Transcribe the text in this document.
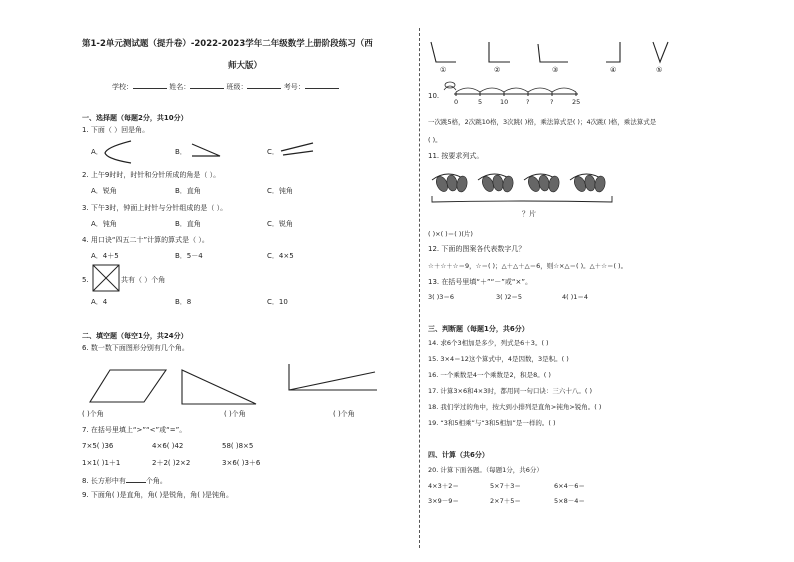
第1-2单元测试题（提升卷）-2022-2023学年二年级数学上册阶段练习（西
师大版）
学校：	姓名：	班级：	考号：
一、选择题（每题2分，共10分）
1. 下面（ ）回是角。
A．	B．	C．
2. 上午9时时，时针和分针所成的角是（ ）。
A．锐角	B．直角	C．钝角
3. 下午3时，钟面上时针与分针组成的是（ ）。
A．钝角	B．直角	C．锐角
4. 用口诀“四五二十”计算的算式是（ ）。
A．4＋5	B．5－4	C．4×5
5.	共有（ ）个角
A．4	B．8	C．10
二、填空题（每空1分，共24分）
6. 数一数下面图形分别有几个角。
( )个角	( )个角	( )个角
7. 在括号里填上“>”“<”或“=”。
7×5( )36	4×6( )42	58( )8×5
1×1( )1＋1	2＋2( )2×2	3×6( )3＋6
8. 长方形中有	个角。
9. 下面角( )是直角，角( )是锐角，角( )是钝角。
①	②	③	④	⑤
10.
0	5	10	?	?	25
一次跳5格，2次跳10格，3次跳( )格，乘法算式是( )；4次跳( )格，乘法算式是
( )。
11. 按要求列式。
？片
( )×( )＝( )(片)
12. 下面的图案各代表数字几？
☆＋☆＋☆＝9，☆＝( )；△＋△＋△＝6，则☆×△＝( )。△＋☆＝( )。
13. 在括号里填“＋”“－”或“×”。
3( )3＝6	3( )2＝5	4( )1＝4
三、判断题（每题1分，共6分）
14. 求6个3相加是多少，列式是6＋3。( )
15. 3×4＝12这个算式中，4是因数，3是积。( )
16. 一个乘数是4一个乘数是2，积是8。( )
17. 计算3×6和4×3时，都用同一句口诀：三六十八。( )
18. 我们学过的角中，按大到小排列是直角>钝角>锐角。( )
19. “3和5相乘”与“3和5相加”是一样的。( )
四、计算（共6分）
20. 计算下面各题。（每题1分，共6分）
4×3＋2＝	5×7＋3＝	6×4－6＝
3×9－9＝	2×7＋5＝	5×8－4＝
